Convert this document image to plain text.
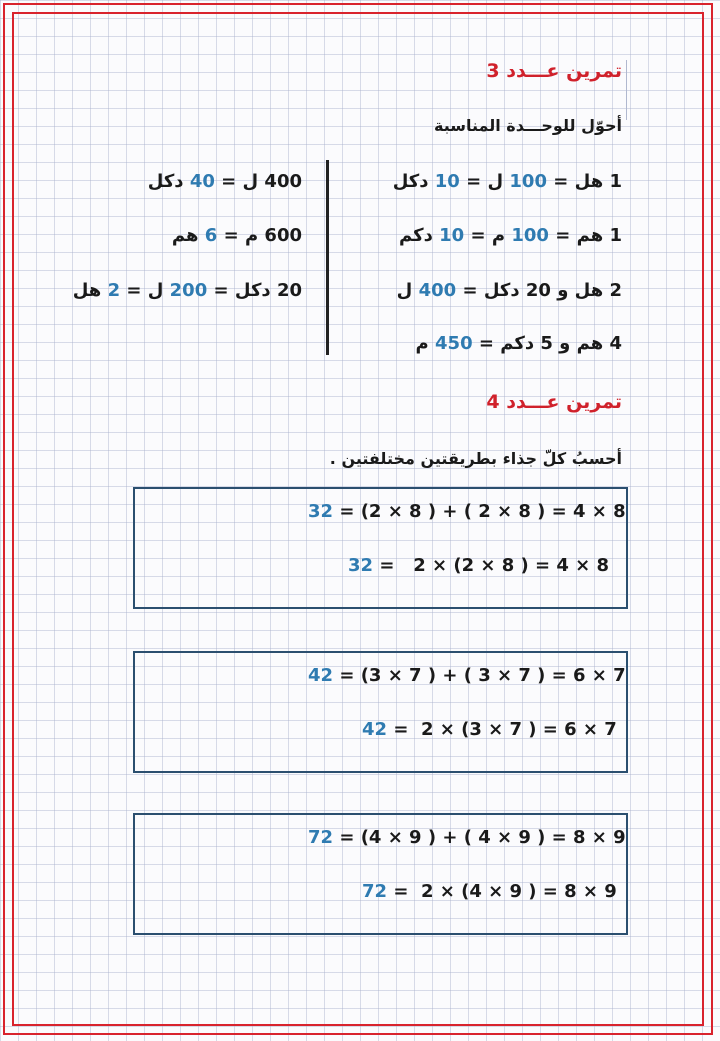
تمرين عـــدد 3
أحوّل للوحـــدة المناسبة
1 هل = 100 ل = 10 دكل
1 هم = 100 م = 10 دكم
2 هل و 20 دكل = 400 ل
4 هم و 5 دكم = 450 م
400 ل = 40 دكل
600 م = 6 هم
20 دكل = 200 ل = 2 هل
تمرين عـــدد 4
أحسبُ كلّ جذاء بطريقتين مختلفتين .
32 = (2 × 8 ) + ( 2 × 8 ) = 4 × 8
32 =   2 × (2 × 8 ) = 4 × 8
42 = (3 × 7 ) + ( 3 × 7 ) = 6 × 7
42 =  2 × (3 × 7 ) = 6 × 7
72 = (4 × 9 ) + ( 4 × 9 ) = 8 × 9
72 =  2 × (4 × 9 ) = 8 × 9
